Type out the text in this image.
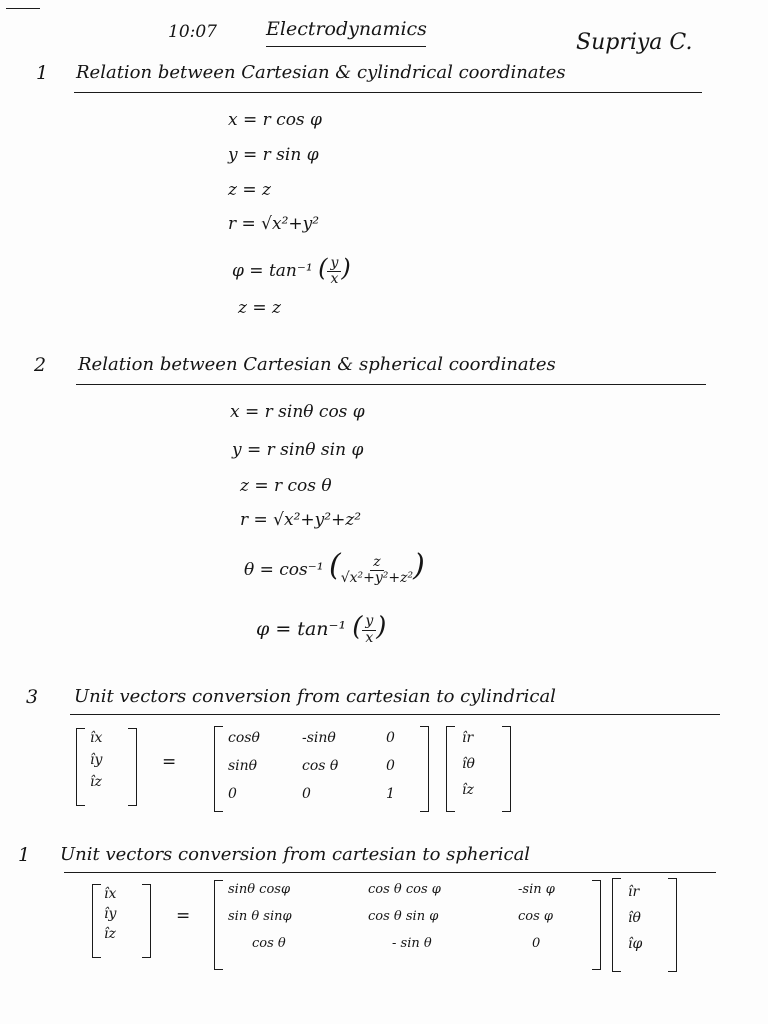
10:07	Electrodynamics
Supriya C.
1 Relation between Cartesian & cylindrical coordinates
x = r cos φ
y = r sin φ
z = z
r = √x²+y²
φ = tan⁻¹ ( $\frac{y}{x}$ )
z = z
2 Relation between Cartesian & spherical coordinates
x = r sinθ cos φ
y = r sinθ sin φ
z = r cos θ
r = √x²+y²+z²
θ = cos⁻¹ ( $\frac{z}{\text{√x²+y²+z²}}$ )
φ = tan⁻¹ ( $\frac{y}{x}$ )
3 Unit vectors conversion from cartesian to cylindrical
îx
îy
îz
=
cosθ	-sinθ	0
sinθ	cos θ	0
0	0	1
îr
îθ
îz
1 Unit vectors conversion from cartesian to spherical
îx
îy
îz
=
sinθ cosφ	cos θ cos φ	-sin φ
sin θ sinφ	cos θ sin φ	cos φ
cos θ	- sin θ	0
îr
îθ
îφ
